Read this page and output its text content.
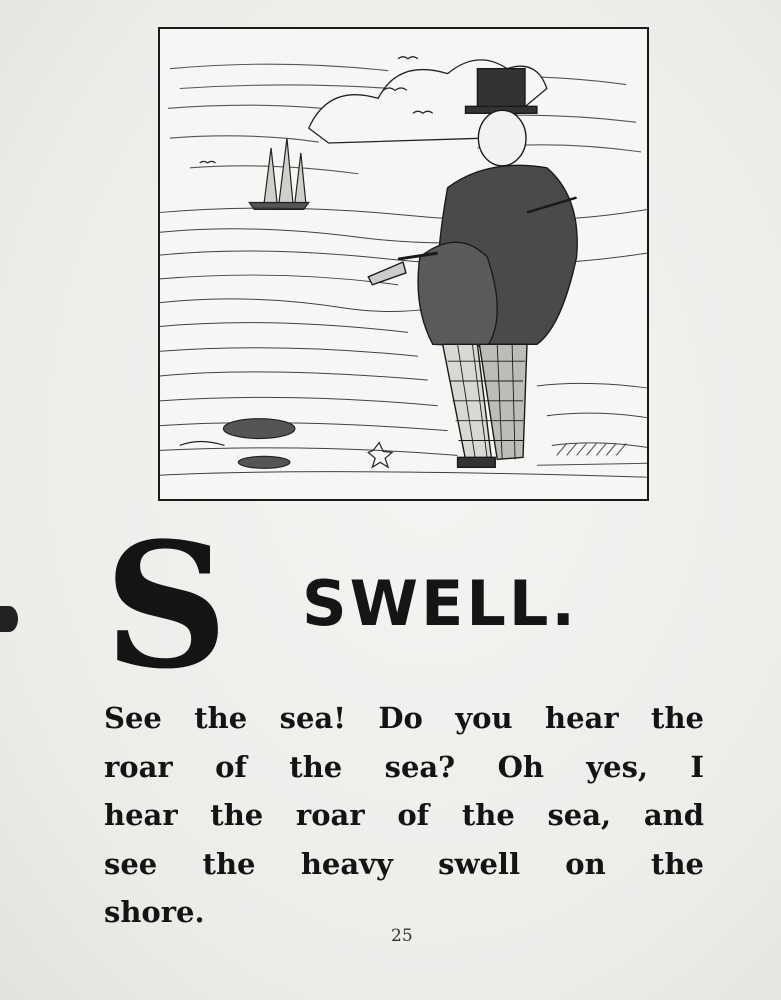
S SWELL.
See the sea! Do you hear the
roar of the sea? Oh yes, I
hear the roar of the sea, and
see the heavy swell on the
shore.
25
